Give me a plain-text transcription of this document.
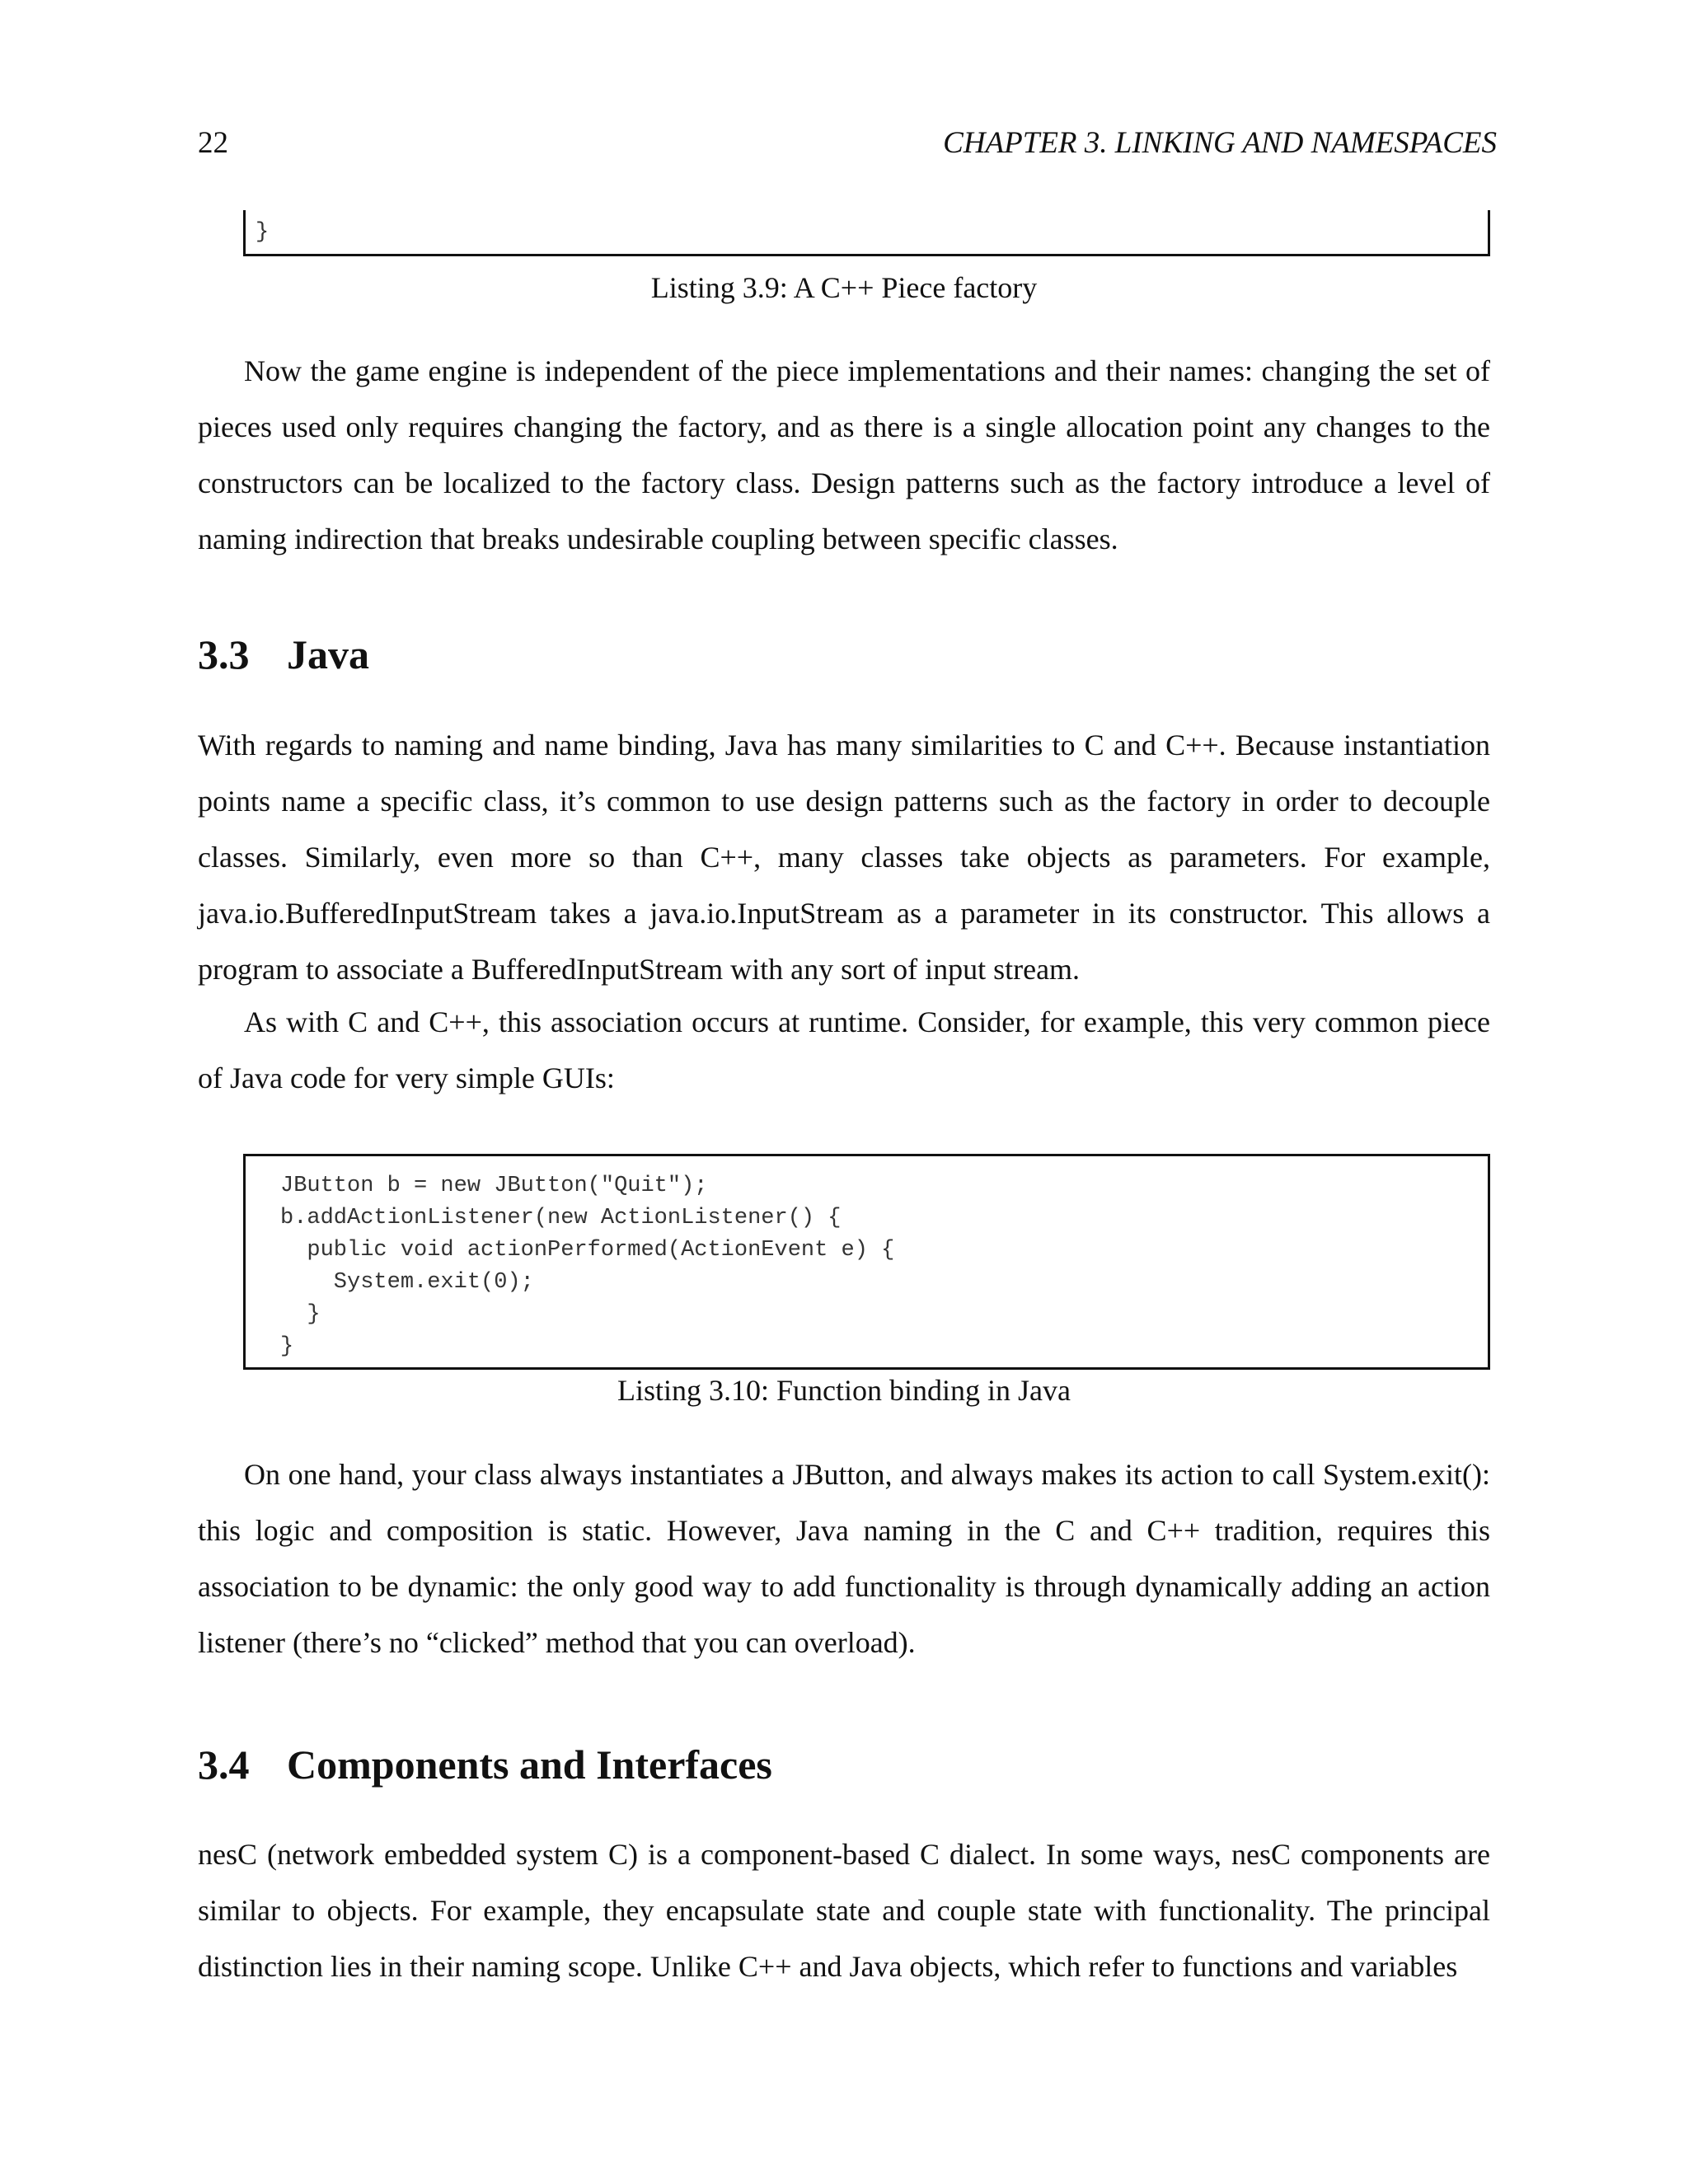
22	CHAPTER 3. LINKING AND NAMESPACES
}
Listing 3.9: A C++ Piece factory

Now the game engine is independent of the piece implementations and their names: changing the set of pieces used only requires changing the factory, and as there is a single allocation point any changes to the constructors can be localized to the factory class. Design patterns such as the factory introduce a level of naming indirection that breaks undesirable coupling between specific classes.

3.3 Java

With regards to naming and name binding, Java has many similarities to C and C++. Because instantiation points name a specific class, it’s common to use design patterns such as the factory in order to decouple classes. Similarly, even more so than C++, many classes take objects as parameters. For example, java.io.BufferedInputStream takes a java.io.InputStream as a parameter in its constructor. This allows a program to associate a BufferedInputStream with any sort of input stream.

As with C and C++, this association occurs at runtime. Consider, for example, this very common piece of Java code for very simple GUIs:

JButton b = new JButton("Quit");
b.addActionListener(new ActionListener() {
public void actionPerformed(ActionEvent e) {
System.exit(0);
}
}
Listing 3.10: Function binding in Java

On one hand, your class always instantiates a JButton, and always makes its action to call System.exit(): this logic and composition is static. However, Java naming in the C and C++ tradition, requires this association to be dynamic: the only good way to add functionality is through dynamically adding an action listener (there’s no “clicked” method that you can overload).

3.4 Components and Interfaces

nesC (network embedded system C) is a component-based C dialect. In some ways, nesC components are similar to objects. For example, they encapsulate state and couple state with functionality. The principal distinction lies in their naming scope. Unlike C++ and Java objects, which refer to functions and variables
